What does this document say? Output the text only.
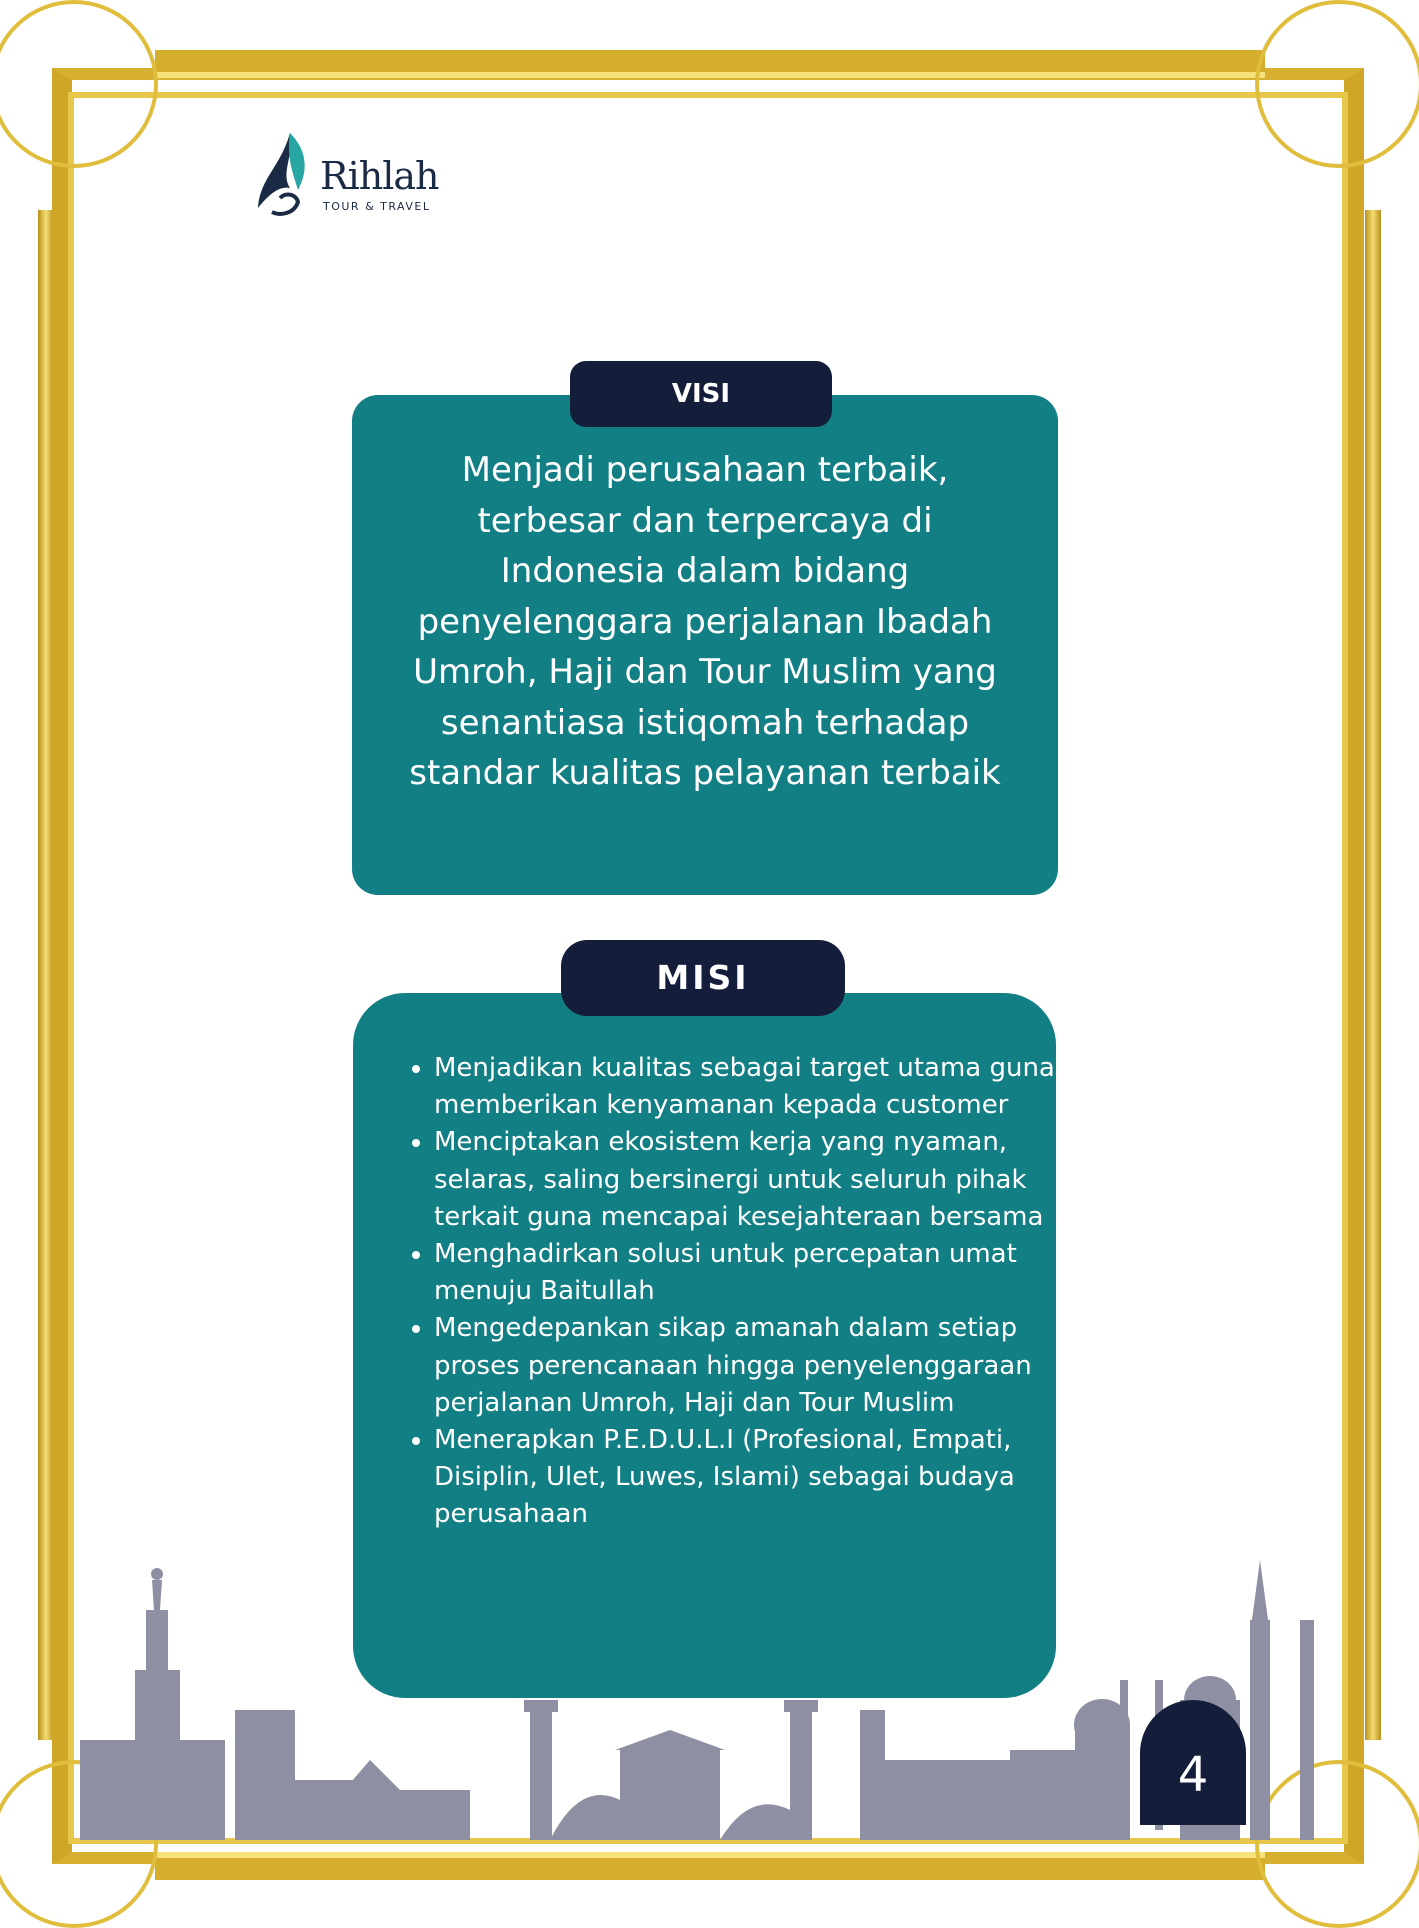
Rihlah
TOUR & TRAVEL
VISI
Menjadi perusahaan terbaik, terbesar dan terpercaya di Indonesia dalam bidang penyelenggara perjalanan Ibadah Umroh, Haji dan Tour Muslim yang senantiasa istiqomah terhadap standar kualitas pelayanan terbaik
MISI
• Menjadikan kualitas sebagai target utama guna memberikan kenyamanan kepada customer
• Menciptakan ekosistem kerja yang nyaman, selaras, saling bersinergi untuk seluruh pihak terkait guna mencapai kesejahteraan bersama
• Menghadirkan solusi untuk percepatan umat menuju Baitullah
• Mengedepankan sikap amanah dalam setiap proses perencanaan hingga penyelenggaraan perjalanan Umroh, Haji dan Tour Muslim
• Menerapkan P.E.D.U.L.I (Profesional, Empati, Disiplin, Ulet, Luwes, Islami) sebagai budaya perusahaan
4
